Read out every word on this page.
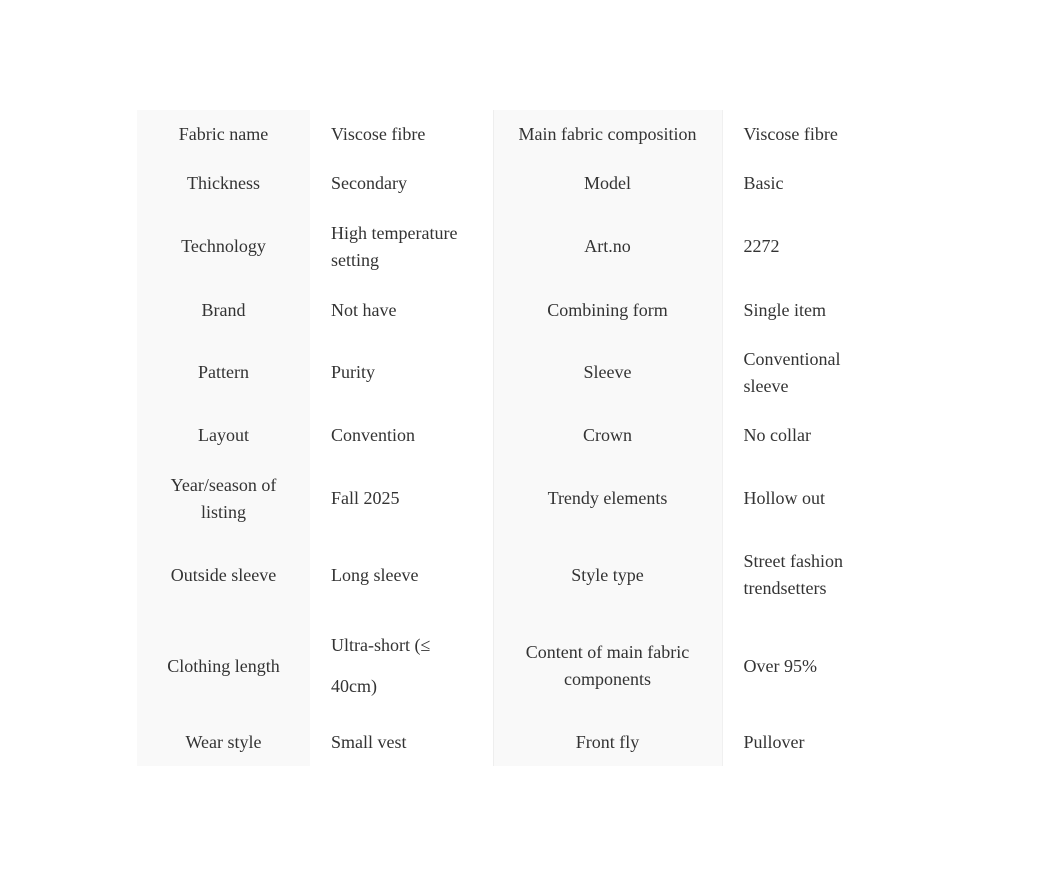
Fabric name	Viscose fibre	Main fabric composition	Viscose fibre

Thickness	Secondary	Model	Basic

Technology	High temperature setting	Art.no	2272

Brand	Not have	Combining form	Single item

Pattern	Purity	Sleeve	Conventional sleeve

Layout	Convention	Crown	No collar

Year/season of listing	Fall 2025	Trendy elements	Hollow out

Outside sleeve	Long sleeve	Style type	Street fashion trendsetters

Clothing length	Ultra-short (≤ 40cm)	Content of main fabric components	Over 95%

Wear style	Small vest	Front fly	Pullover
